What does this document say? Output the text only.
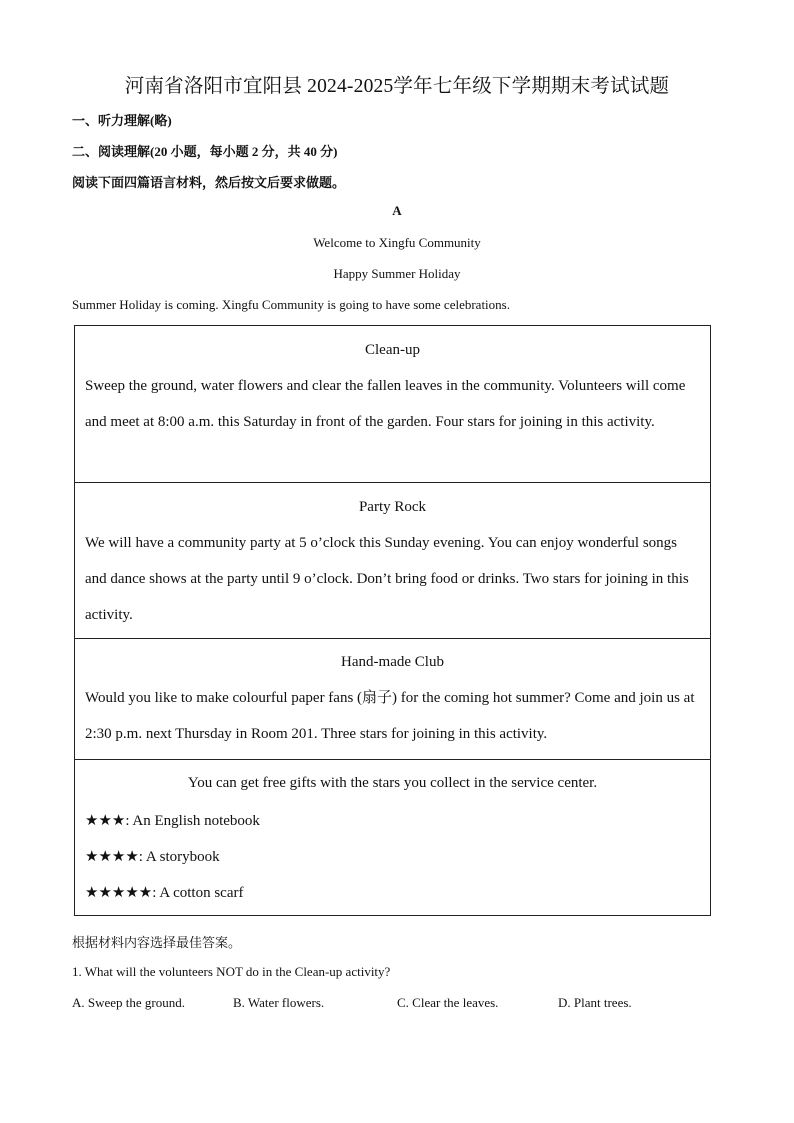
河南省洛阳市宜阳县 2024-2025学年七年级下学期期末考试试题
一、听力理解(略)
二、阅读理解(20 小题，每小题 2 分，共 40 分)
阅读下面四篇语言材料，然后按文后要求做题。
A
Welcome to Xingfu Community
Happy Summer Holiday
Summer Holiday is coming. Xingfu Community is going to have some celebrations.
Clean-up
Sweep the ground, water flowers and clear the fallen leaves in the community. Volunteers will come and meet at 8:00 a.m. this Saturday in front of the garden. Four stars for joining in this activity.
Party Rock
We will have a community party at 5 o’clock this Sunday evening. You can enjoy wonderful songs and dance shows at the party until 9 o’clock. Don’t bring food or drinks. Two stars for joining in this activity.
Hand-made Club
Would you like to make colourful paper fans (扇子) for the coming hot summer? Come and join us at 2:30 p.m. next Thursday in Room 201. Three stars for joining in this activity.
You can get free gifts with the stars you collect in the service center.
★★★: An English notebook
★★★★: A storybook
★★★★★: A cotton scarf
根据材料内容选择最佳答案。
1. What will the volunteers NOT do in the Clean-up activity?
A. Sweep the ground.	B. Water flowers.	C. Clear the leaves.	D. Plant trees.
